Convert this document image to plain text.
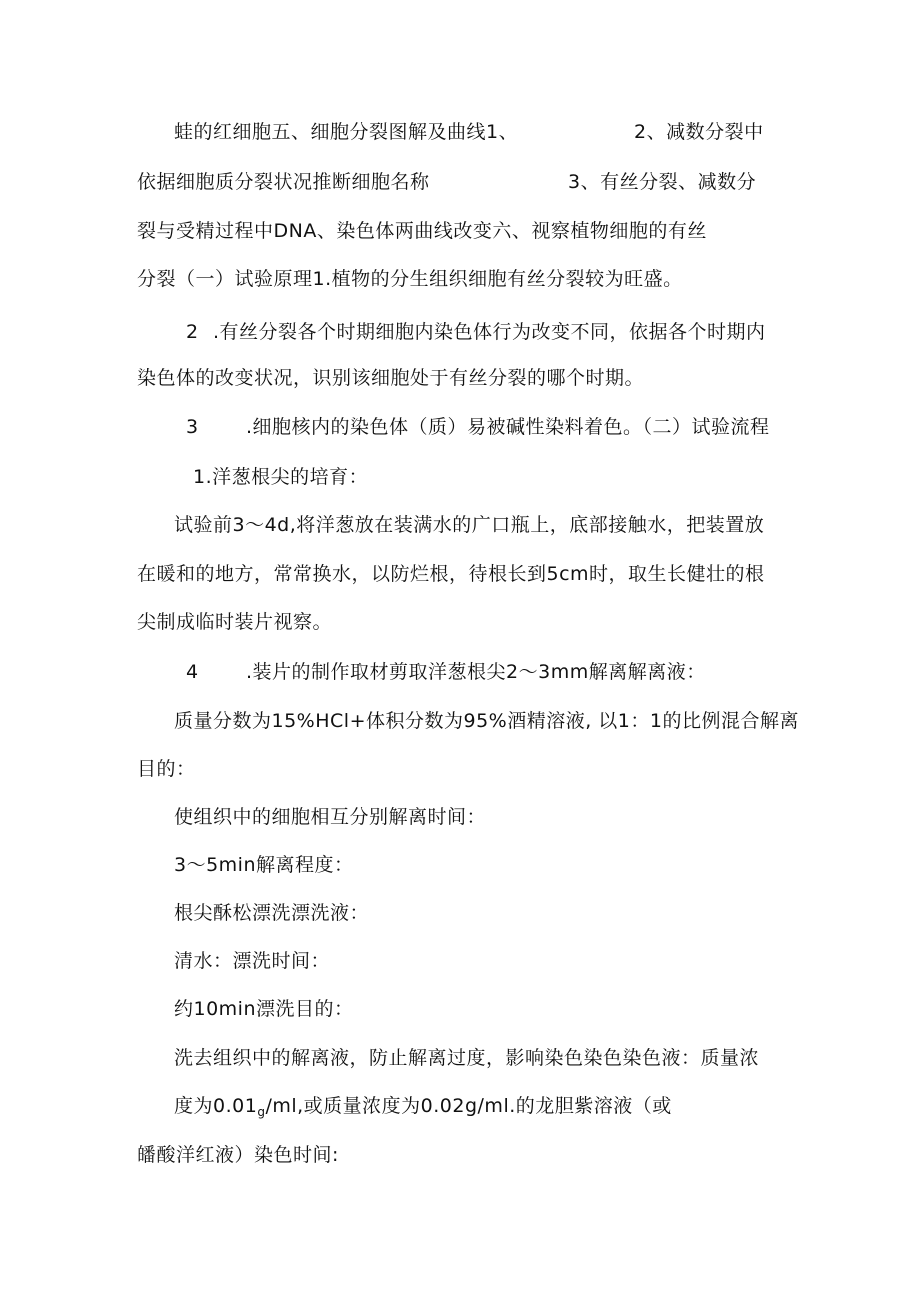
蛙的红细胞五、细胞分裂图解及曲线1、	2、减数分裂中
依据细胞质分裂状况推断细胞名称	3、有丝分裂、减数分
裂与受精过程中DNA、染色体两曲线改变六、视察植物细胞的有丝
分裂（一）试验原理1.植物的分生组织细胞有丝分裂较为旺盛。
2 .有丝分裂各个时期细胞内染色体行为改变不同，依据各个时期内
染色体的改变状况，识别该细胞处于有丝分裂的哪个时期。
3 .细胞核内的染色体（质）易被碱性染料着色。（二）试验流程
1.洋葱根尖的培育：
试验前3～4d,将洋葱放在装满水的广口瓶上，底部接触水，把装置放
在暖和的地方，常常换水，以防烂根，待根长到5cm时，取生长健壮的根
尖制成临时装片视察。
4 .装片的制作取材剪取洋葱根尖2～3mm解离解离液：
质量分数为15%HCl+体积分数为95%酒精溶液, 以1：1的比例混合解离
目的：
使组织中的细胞相互分别解离时间：
3～5min解离程度：
根尖酥松漂洗漂洗液：
清水：漂洗时间：
约10min漂洗目的：
洗去组织中的解离液，防止解离过度，影响染色染色染色液：质量浓
度为$0.01_g/ml$,或质量浓度为0.02g∕ml.的龙胆紫溶液（或
皤酸洋红液）染色时间:
